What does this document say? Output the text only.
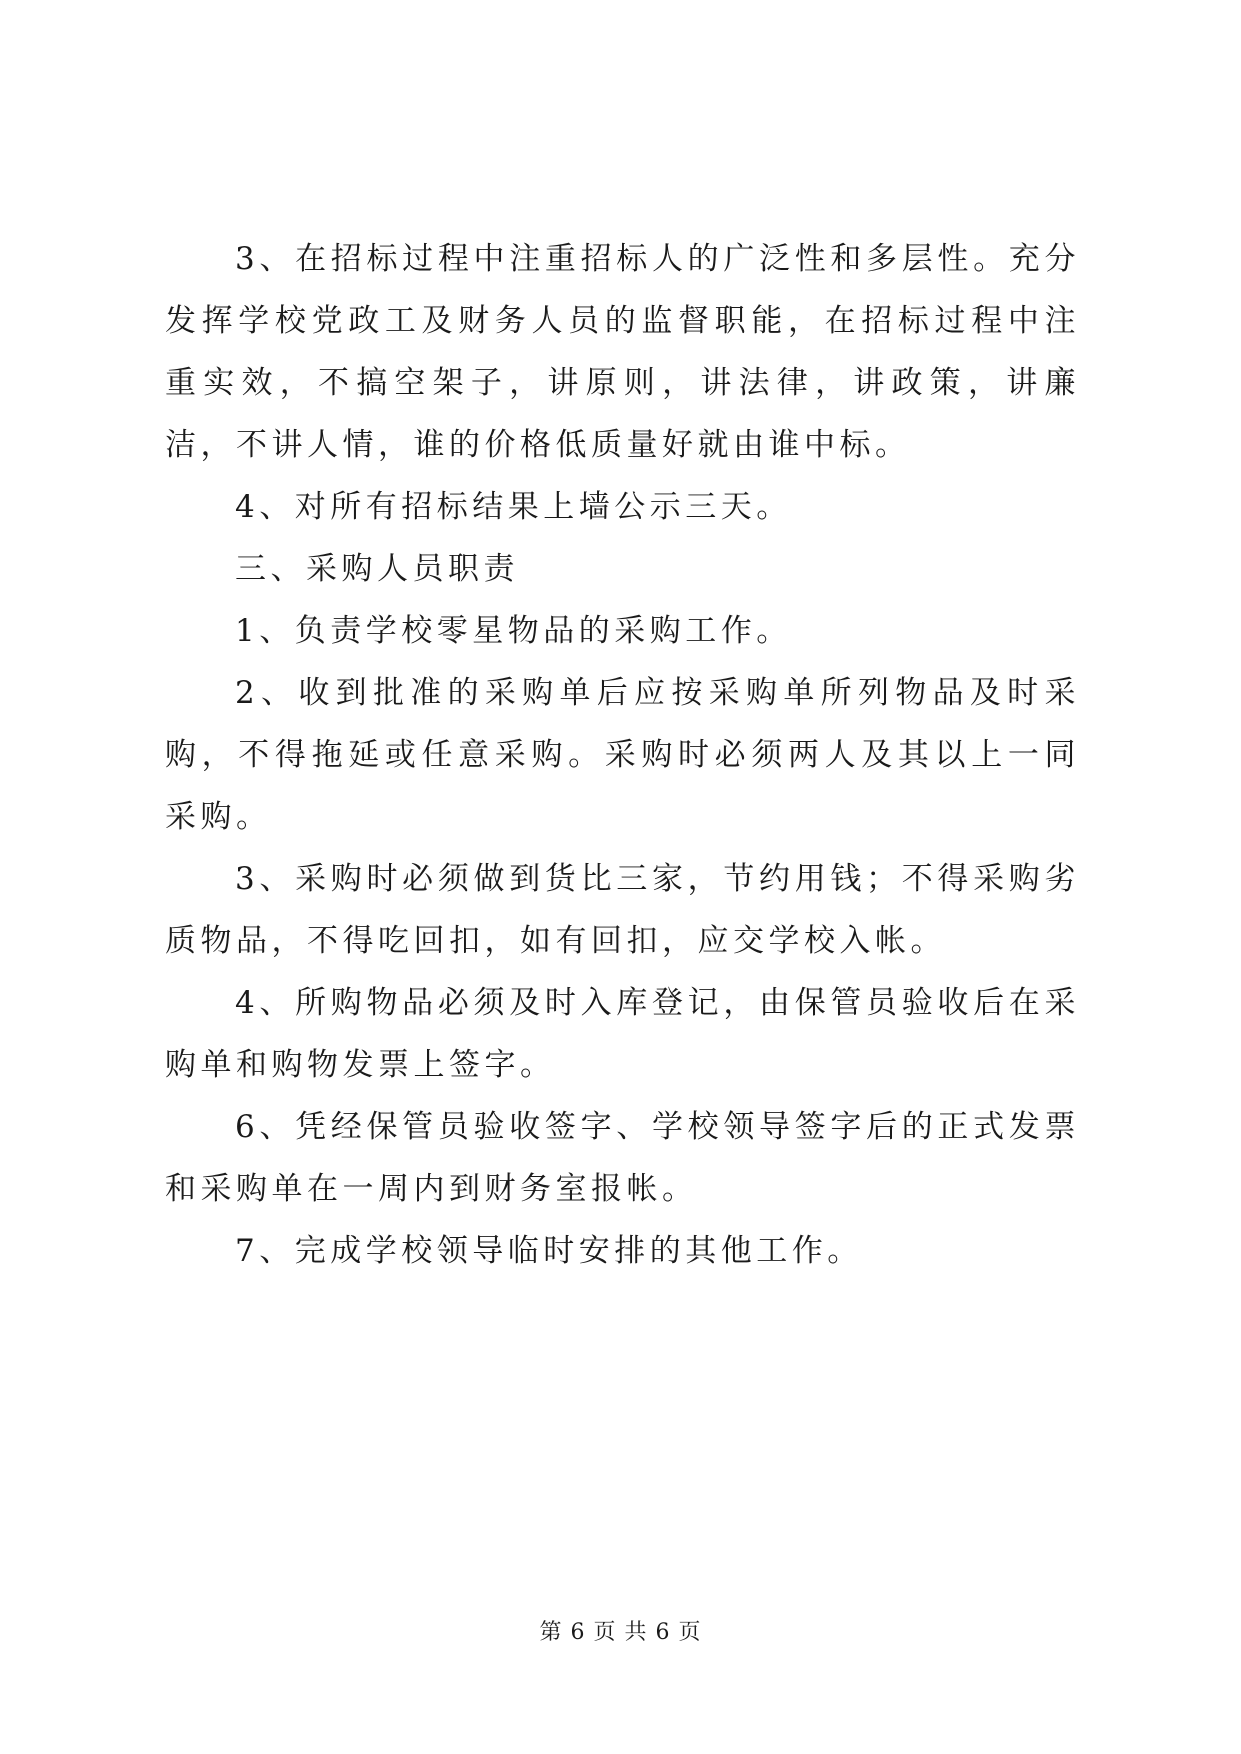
3、在招标过程中注重招标人的广泛性和多层性。充分发挥学校党政工及财务人员的监督职能，在招标过程中注重实效，不搞空架子，讲原则，讲法律，讲政策，讲廉洁，不讲人情，谁的价格低质量好就由谁中标。

4、对所有招标结果上墙公示三天。

三、采购人员职责

1、负责学校零星物品的采购工作。

2、收到批准的采购单后应按采购单所列物品及时采购，不得拖延或任意采购。采购时必须两人及其以上一同采购。

3、采购时必须做到货比三家，节约用钱；不得采购劣质物品，不得吃回扣，如有回扣，应交学校入帐。

4、所购物品必须及时入库登记，由保管员验收后在采购单和购物发票上签字。

6、凭经保管员验收签字、学校领导签字后的正式发票和采购单在一周内到财务室报帐。

7、完成学校领导临时安排的其他工作。

第 6 页 共 6 页
